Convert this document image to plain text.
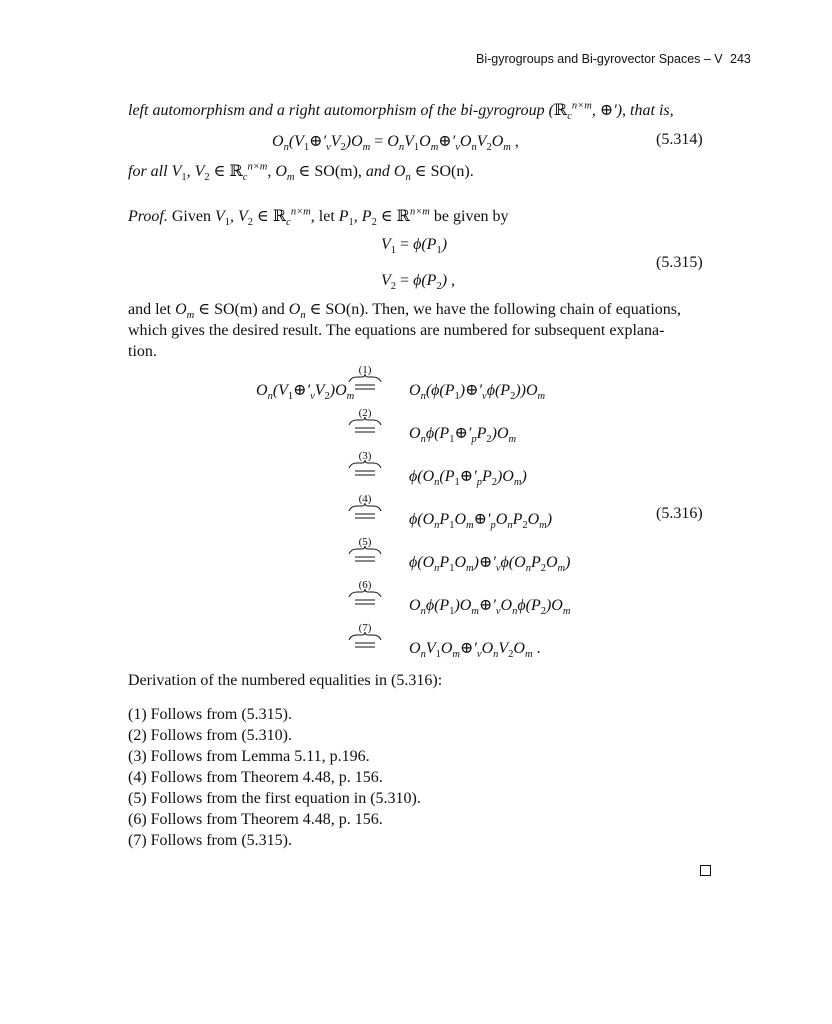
Bi-gyrogroups and Bi-gyrovector Spaces – V 243
left automorphism and a right automorphism of the bi-gyrogroup (ℝ$_c^{n\times m}$, ⊕′), that is,
$O_n(V_1\oplus'_vV_2)O_m$ = $O_nV_1O_m\oplus'_vO_nV_2O_m$ ,	(5.314)
for all $V_1$, $V_2$ ∈ ℝ$_c^{n\times m}$, $O_m$ ∈ SO(m), and $O_n$ ∈ SO(n).
Proof. Given $V_1$, $V_2$ ∈ ℝ$_c^{n\times m}$, let $P_1$, $P_2$ ∈ ℝ$^{n\times m}$ be given by
$V_1 = \phi(P_1)$
$V_2 = \phi(P_2)$ ,
(5.315)
and let $O_m$ ∈ SO(m) and $O_n$ ∈ SO(n). Then, we have the following chain of equations,
which gives the desired result. The equations are numbered for subsequent explana-
tion.
$O_n(V_1\oplus'_vV_2)O_m$
(1)
(2)
(3)
(4)
(5)
(6)
(7)
$O_n(\phi(P_1)\oplus'_v\phi(P_2))O_m$
$O_n\phi(P_1\oplus'_pP_2)O_m$
$\phi(O_n(P_1\oplus'_pP_2)O_m)$
$\phi(O_nP_1O_m\oplus'_pO_nP_2O_m)$
$\phi(O_nP_1O_m)\oplus'_v\phi(O_nP_2O_m)$
$O_n\phi(P_1)O_m\oplus'_vO_n\phi(P_2)O_m$
$O_nV_1O_m\oplus'_vO_nV_2O_m$ .
(5.316)
Derivation of the numbered equalities in (5.316):
(1) Follows from (5.315).
(2) Follows from (5.310).
(3) Follows from Lemma 5.11, p.196.
(4) Follows from Theorem 4.48, p. 156.
(5) Follows from the first equation in (5.310).
(6) Follows from Theorem 4.48, p. 156.
(7) Follows from (5.315).
